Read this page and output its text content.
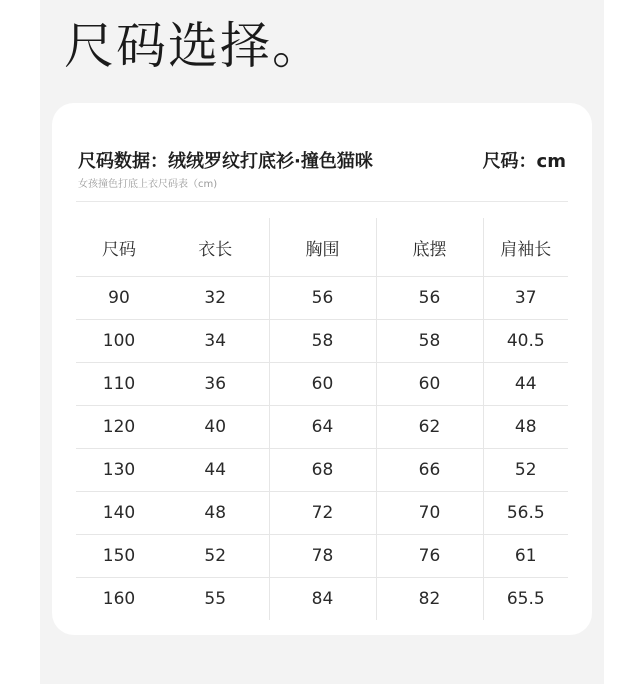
尺码选择。
尺码数据：绒绒罗纹打底衫·撞色猫咪	尺码：cm
女孩撞色打底上衣尺码表（cm)
尺码	衣长	胸围	底摆	肩袖长
90	32	56	56	37
100	34	58	58	40.5
110	36	60	60	44
120	40	64	62	48
130	44	68	66	52
140	48	72	70	56.5
150	52	78	76	61
160	55	84	82	65.5
